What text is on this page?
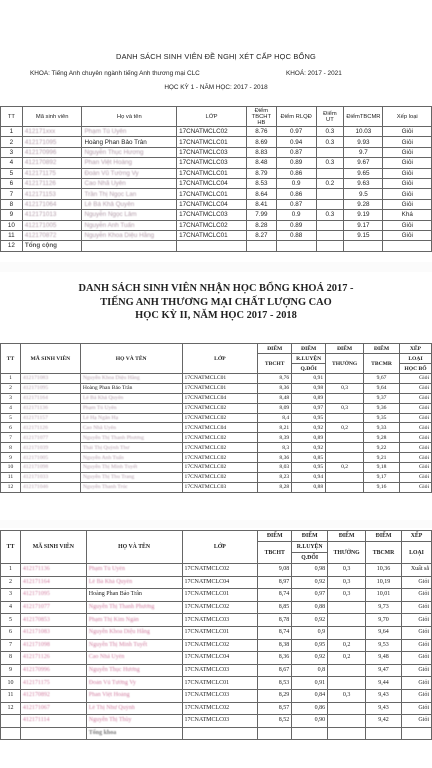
DANH SÁCH SINH VIÊN ĐỀ NGHỊ XÉT CẤP HỌC BỔNG
KHOA: Tiếng Anh chuyên ngành tiếng Anh thương mại CLC	KHOÁ: 2017 - 2021
HỌC KỲ 1 - NĂM HỌC: 2017 - 2018
TT	Mã sinh viên	Họ và tên	LỚP	Điểm TBCHT HB	Điểm RLQĐ	Điểm UT	ĐiểmTBCMR	Xếp loại
1	412171xxx	Phạm Tú Uyên	17CNATMCLC02	8.76	0.97	0.3	10.03	Giỏi
2	412171095	Hoàng Phan Bảo Trân	17CNATMCLC01	8.69	0.94	0.3	9.93	Giỏi
3	412170996	Nguyễn Thục Hương	17CNATMCLC03	8.83	0.87		9.7	Giỏi
4	412170892	Phan Việt Hoàng	17CNATMCLC03	8.48	0.89	0.3	9.67	Giỏi
5	412171175	Đoàn Vũ Tường Vy	17CNATMCLC01	8.79	0.86		9.65	Giỏi
6	412171126	Cao Nhã Uyên	17CNATMCLC04	8.53	0.9	0.2	9.63	Giỏi
7	412171153	Trần Thị Ngọc Lan	17CNATMCLC01	8.64	0.86		9.5	Giỏi
8	412171064	Lê Bá Khả Quyên	17CNATMCLC04	8.41	0.87		9.28	Giỏi
9	412171013	Nguyễn Ngọc Lâm	17CNATMCLC03	7.99	0.9	0.3	9.19	Khá
10	412171005	Nguyễn Anh Tuấn	17CNATMCLC02	8.28	0.89		9.17	Giỏi
11	412170872	Nguyễn Khoa Diệu Hằng	17CNATMCLC01	8.27	0.88		9.15	Giỏi
12	Tổng cộng							
DANH SÁCH SINH VIÊN NHẬN HỌC BỔNG KHOÁ 2017 -
TIẾNG ANH THƯƠNG MẠI CHẤT LƯỢNG CAO
HỌC KỲ II, NĂM HỌC 2017 - 2018
TT	MÃ SINH VIÊN	HỌ VÀ TÊN	LỚP	ĐIỂM	ĐIỂM	ĐIỂM	ĐIỂM	XẾP
				TBCHT	R.LUYỆN	THƯỞNG	TBCMR	LOẠI
					Q.ĐỔI			HỌC BỔ
1	412171083	Nguyễn Khoa Diệu Hằng	17CNATMCLC01	8,76	0,91		9,67	Giỏi
2	412171095	Hoàng Phan Bảo Trân	17CNATMCLC01	8,36	0,98	0,3	9,64	Giỏi
3	412171164	Lê Bá Khả Quyên	17CNATMCLC04	8,48	0,89		9,37	Giỏi
4	412171136	Phạm Tú Uyên	17CNATMCLC02	8,09	0,97	0,3	9,36	Giỏi
5	412171157	Lê Hạ Ngân Hạ	17CNATMCLC02	8,4	0,95		9,35	Giỏi
6	412171126	Cao Nhã Uyên	17CNATMCLC04	8,21	0,92	0,2	9,33	Giỏi
7	412171077	Nguyễn Thị Thanh Phương	17CNATMCLC02	8,39	0,89		9,28	Giỏi
8	412171039	Thái Thị Quỳnh Thư	17CNATMCLC02	8,3	0,92		9,22	Giỏi
9	412171005	Nguyễn Anh Tuấn	17CNATMCLC02	8,36	0,85		9,21	Giỏi
10	412171098	Nguyễn Thị Minh Tuyết	17CNATMCLC02	8,03	0,95	0,2	9,18	Giỏi
11	412171033	Nguyễn Thị Thu Trang	17CNATMCLC02	8,23	0,94		9,17	Giỏi
12	412171046	Nguyễn Thanh Trúc	17CNATMCLC03	8,28	0,88		9,16	Giỏi
TT	MÃ SINH VIÊN	HỌ VÀ TÊN	LỚP	ĐIỂM	ĐIỂM	ĐIỂM	ĐIỂM	XẾP
				TBCHT	R.LUYỆN	THƯỞNG	TBCMR	LOẠI
					Q.ĐỔI			
1	412171136	Phạm Tú Uyên	17CNATMCLC02	9,08	0,98	0,3	10,36	Xuất sắ
2	412171164	Lê Bá Khả Quyên	17CNATMCLC04	8,97	0,92	0,3	10,19	Giỏi
3	412171095	Hoàng Phan Bảo Trân	17CNATMCLC01	8,74	0,97	0,3	10,01	Giỏi
4	412171077	Nguyễn Thị Thanh Phương	17CNATMCLC02	8,85	0,88		9,73	Giỏi
5	412170853	Phạm Thị Kim Ngân	17CNATMCLC03	8,78	0,92		9,70	Giỏi
6	412171083	Nguyễn Khoa Diệu Hằng	17CNATMCLC01	8,74	0,9		9,64	Giỏi
7	412171098	Nguyễn Thị Minh Tuyết	17CNATMCLC02	8,38	0,95	0,2	9,53	Giỏi
8	412171126	Cao Nhã Uyên	17CNATMCLC04	8,36	0,92	0,2	9,48	Giỏi
9	412170996	Nguyễn Thục Hương	17CNATMCLC03	8,67	0,8		9,47	Giỏi
10	412171175	Đoàn Vũ Tường Vy	17CNATMCLC01	8,53	0,91		9,44	Giỏi
11	412170892	Phan Việt Hoàng	17CNATMCLC03	8,29	0,84	0,3	9,43	Giỏi
12	412171067	Lê Thị Như Quỳnh	17CNATMCLC02	8,57	0,86		9,43	Giỏi
	412171114	Nguyễn Thị Thùy	17CNATMCLC03	8,52	0,90		9,42	Giỏi
		Tổng khoa						
